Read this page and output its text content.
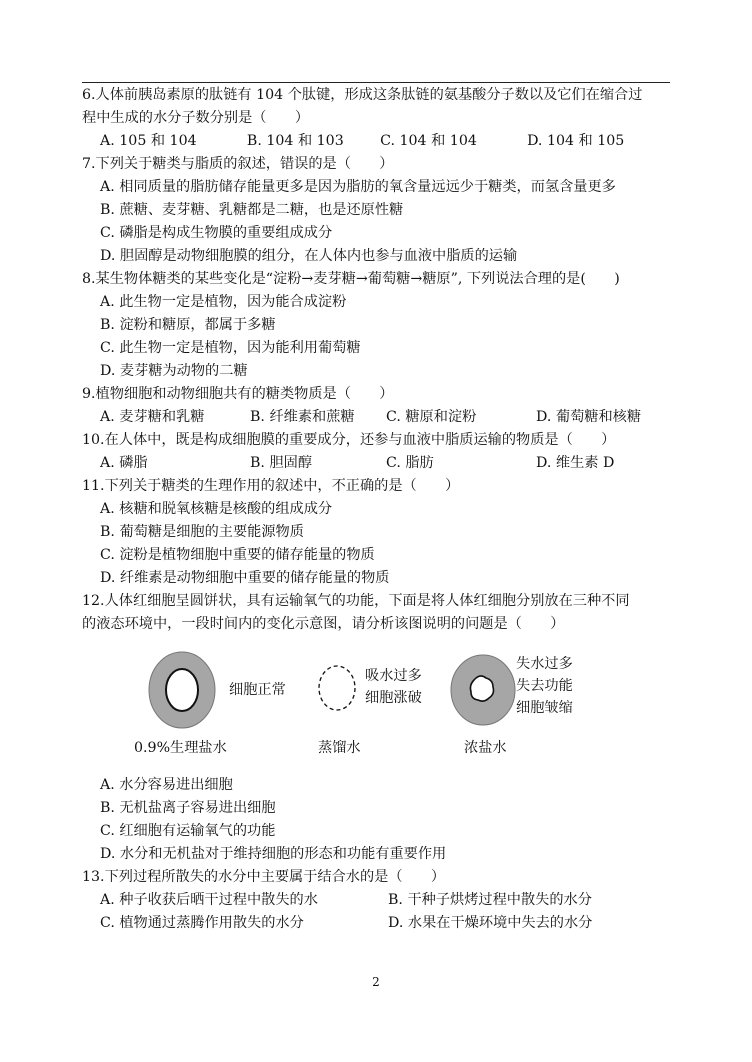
6.人体前胰岛素原的肽链有 104 个肽键，形成这条肽链的氨基酸分子数以及它们在缩合过
程中生成的水分子数分别是（　　）
A. 105 和 104	B. 104 和 103	C. 104 和 104	D. 104 和 105
7.下列关于糖类与脂质的叙述，错误的是（　　）
A. 相同质量的脂肪储存能量更多是因为脂肪的氧含量远远少于糖类，而氢含量更多
B. 蔗糖、麦芽糖、乳糖都是二糖，也是还原性糖
C. 磷脂是构成生物膜的重要组成成分
D. 胆固醇是动物细胞膜的组分，在人体内也参与血液中脂质的运输
8.某生物体糖类的某些变化是“淀粉→麦芽糖→葡萄糖→糖原”, 下列说法合理的是(　　)
A. 此生物一定是植物，因为能合成淀粉
B. 淀粉和糖原，都属于多糖
C. 此生物一定是植物，因为能利用葡萄糖
D. 麦芽糖为动物的二糖
9.植物细胞和动物细胞共有的糖类物质是（　　）
A. 麦芽糖和乳糖	B. 纤维素和蔗糖	C. 糖原和淀粉	D. 葡萄糖和核糖
10.在人体中，既是构成细胞膜的重要成分，还参与血液中脂质运输的物质是（　　）
A. 磷脂	B. 胆固醇	C. 脂肪	D. 维生素 D
11.下列关于糖类的生理作用的叙述中，不正确的是（　　）
A. 核糖和脱氧核糖是核酸的组成成分
B. 葡萄糖是细胞的主要能源物质
C. 淀粉是植物细胞中重要的储存能量的物质
D. 纤维素是动物细胞中重要的储存能量的物质
12.人体红细胞呈圆饼状，具有运输氧气的功能，下面是将人体红细胞分别放在三种不同
的液态环境中，一段时间内的变化示意图，请分析该图说明的问题是（　　）
细胞正常
吸水过多
细胞涨破
失水过多
失去功能
细胞皱缩
0.9%生理盐水	蒸馏水	浓盐水
A. 水分容易进出细胞
B. 无机盐离子容易进出细胞
C. 红细胞有运输氧气的功能
D. 水分和无机盐对于维持细胞的形态和功能有重要作用
13.下列过程所散失的水分中主要属于结合水的是（　　）
A. 种子收获后晒干过程中散失的水	B. 干种子烘烤过程中散失的水分
C. 植物通过蒸腾作用散失的水分	D. 水果在干燥环境中失去的水分
2
